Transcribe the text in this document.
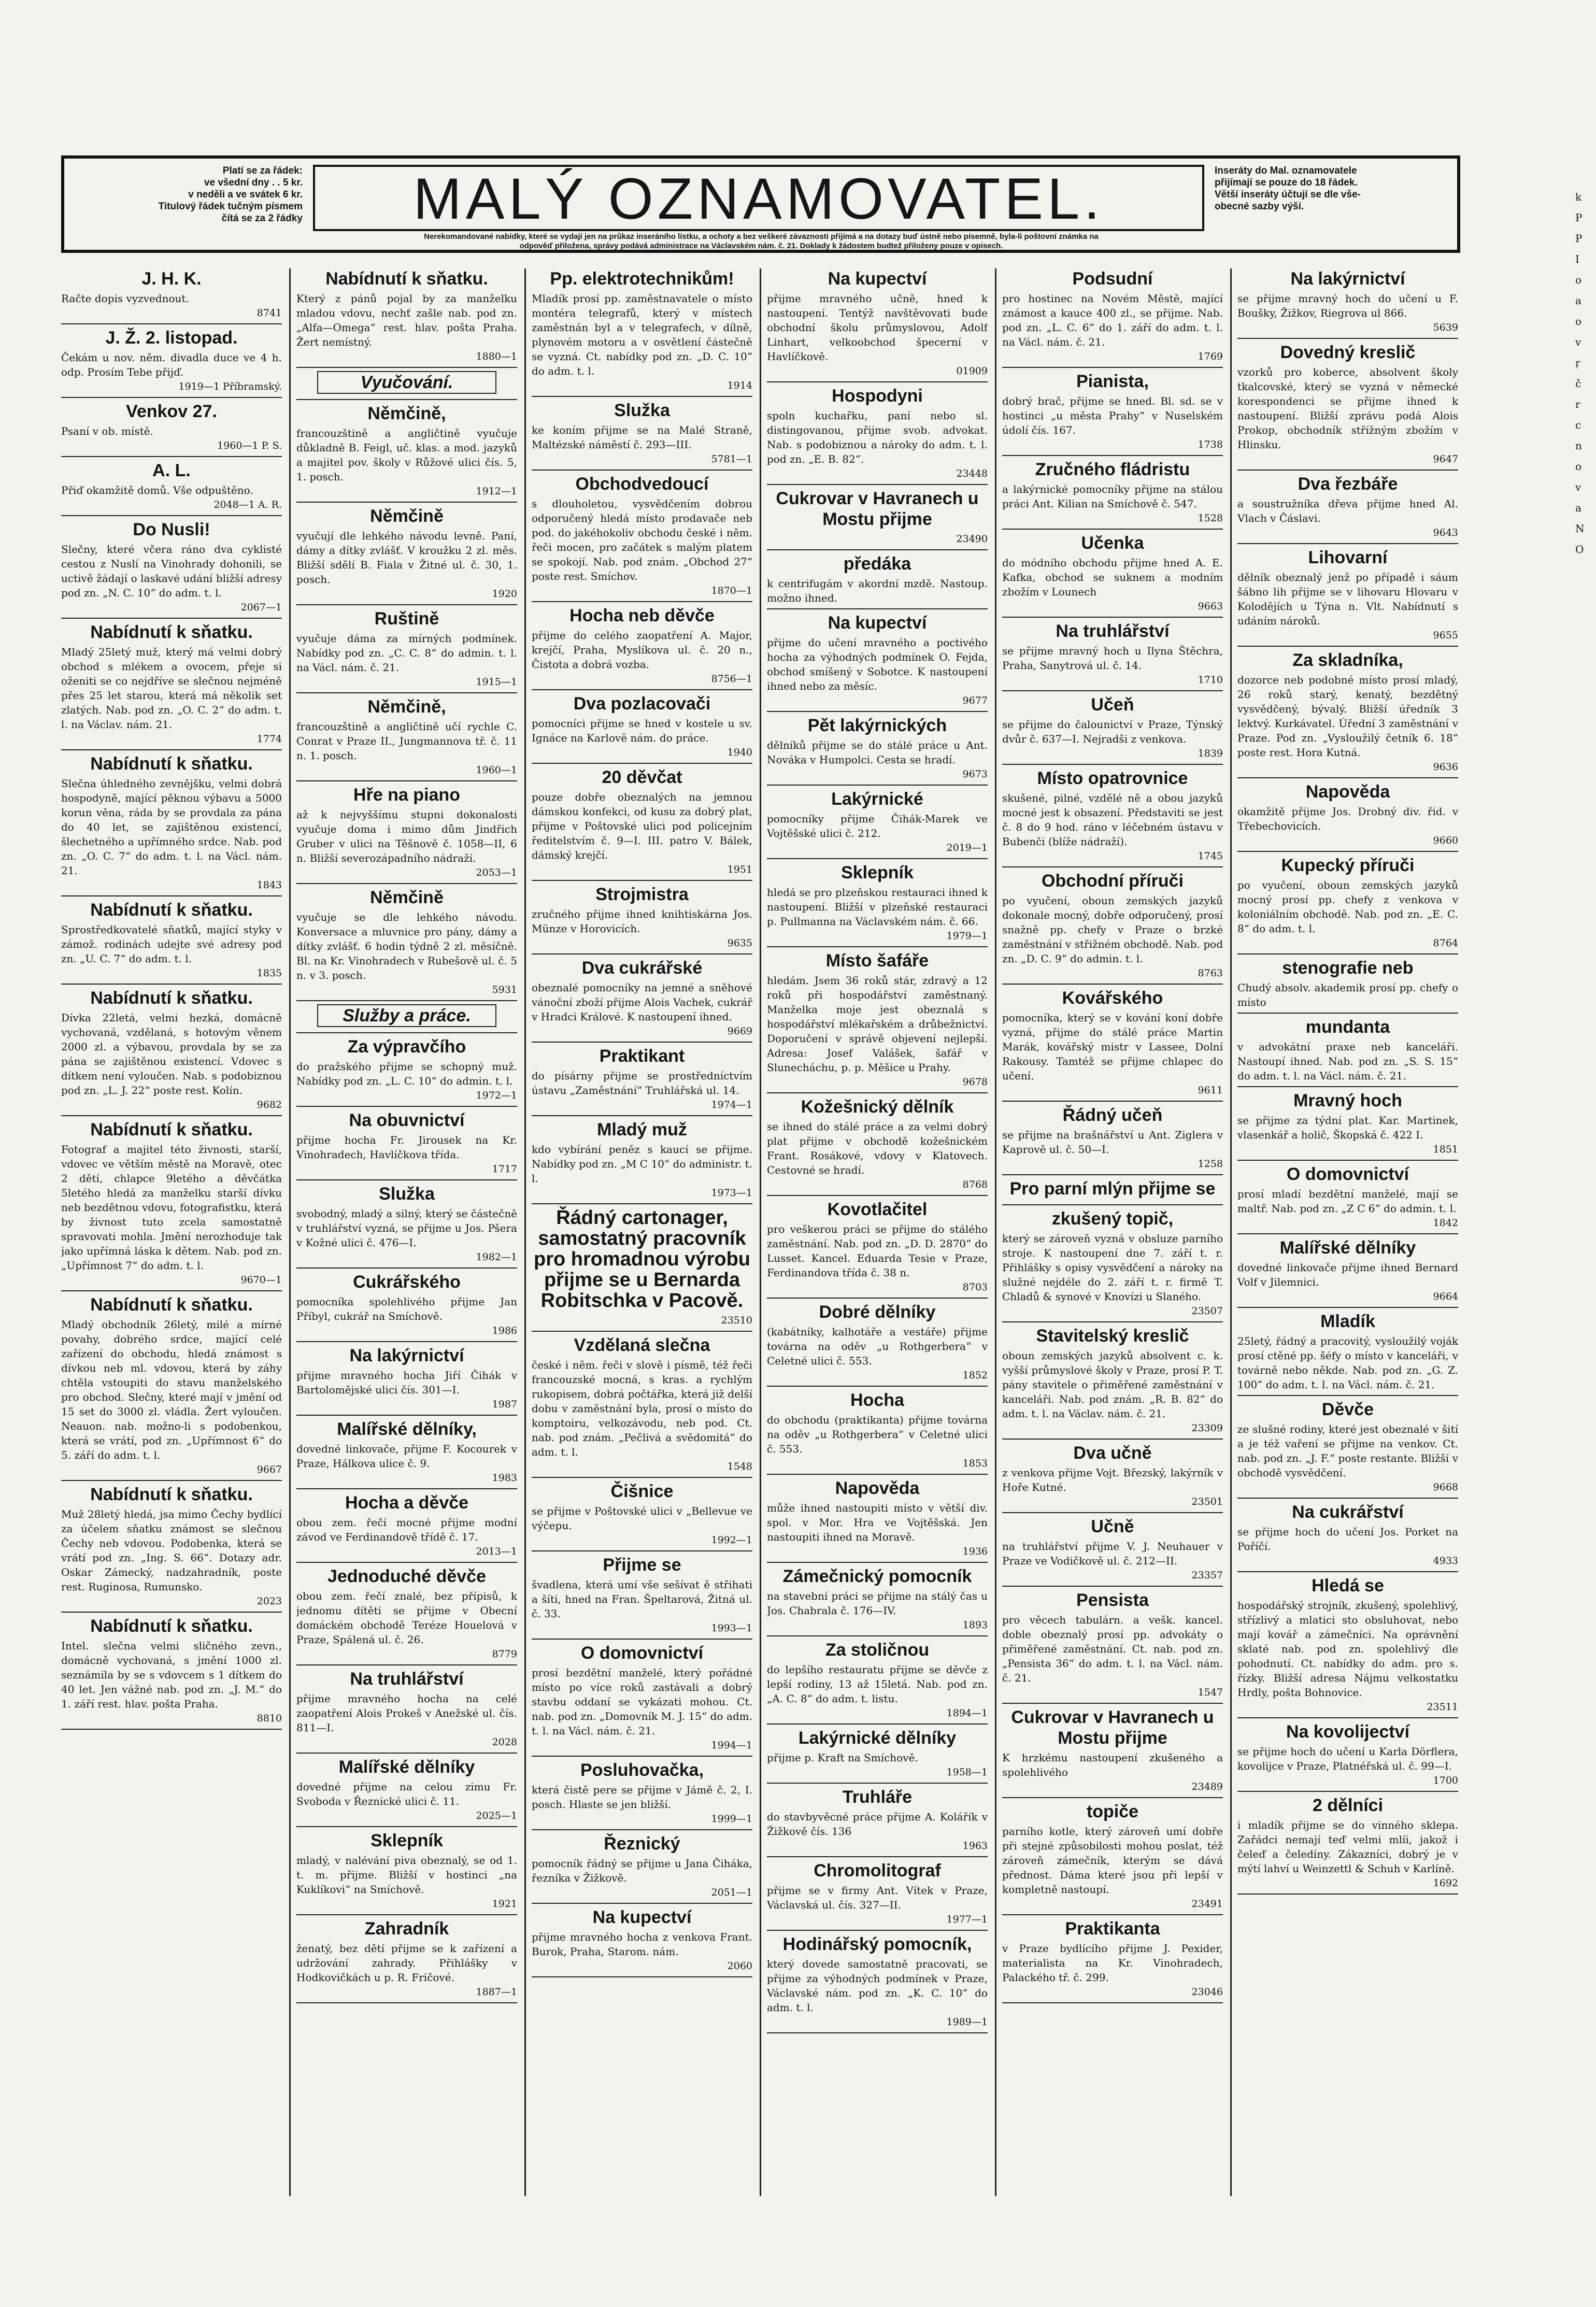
Platí se za řádek:
ve všední dny . . 5 kr.
v neděli a ve svátek 6 kr.
Titulový řádek tučným písmem
čítá se za 2 řádky	MALÝ OZNAMOVATEL.	Inseráty do Mal. oznamovatele
přijímají se pouze do 18 řádek.
Větší inseráty účtují se dle vše-
obecné sazby výší.
Nerekomandované nabídky, které se vydají jen na průkaz inseráního lístku, a ochoty a bez veškeré závaznosti přijímá a na dotazy buď ústně nebo písemně, byla-li poštovní známka na
odpověď přiložena, správy podává administrace na Václavském nám. č. 21. Doklady k žádostem budtež přiloženy pouze v opisech.
J. H. K.

Račte dopis vyzvednout.

8741

J. Ž. 2. listopad.

Čekám u nov. něm. divadla duce ve 4 h. odp. Prosím Tebe přijď.

1919—1 Příbramský.

Venkov 27.

Psaní v ob. místě.

1960—1 P. S.

A. L.

Přiď okamžitě domů. Vše odpuštěno.

2048—1 A. R.

Do Nusli!

Slečny, které včera ráno dva cyklisté cestou z Nuslí na Vinohrady dohonili, se uctivě žádají o laskavé udání bližší adresy pod zn. „N. C. 10“ do adm. t. l.

2067—1

Nabídnutí k sňatku.

Mladý 25letý muž, který má velmi dobrý obchod s mlékem a ovocem, přeje si oženiti se co nejdříve se slečnou nejméně přes 25 let starou, která má několik set zlatých. Nab. pod zn. „O. C. 2“ do adm. t. l. na Václav. nám. 21.

1774

Nabídnutí k sňatku.

Slečna úhledného zevnějšku, velmi dobrá hospodyně, mající pěknou výbavu a 5000 korun věna, ráda by se provdala za pána do 40 let, se zajištěnou existencí, šlechetného a upřímného srdce. Nab. pod zn. „O. C. 7“ do adm. t. l. na Václ. nám. 21.

1843

Nabídnutí k sňatku.

Sprostředkovatelé sňatků, mající styky v zámož. rodinách udejte své adresy pod zn. „U. C. 7“ do adm. t. l.

1835

Nabídnutí k sňatku.

Dívka 22letá, velmi hezká, domácně vychovaná, vzdělaná, s hotovým věnem 2000 zl. a výbavou, provdala by se za pána se zajištěnou existencí. Vdovec s dítkem není vyloučen. Nab. s podobiznou pod zn. „L. J. 22“ poste rest. Kolín.

9682

Nabídnutí k sňatku.

Fotograf a majitel této živnosti, starší, vdovec ve větším městě na Moravě, otec 2 dětí, chlapce 9letého a děvčátka 5letého hledá za manželku starší dívku neb bezdětnou vdovu, fotografistku, která by živnost tuto zcela samostatně spravovati mohla. Jmění nerozhoduje tak jako upřímná láska k dětem. Nab. pod zn. „Upřímnost 7“ do adm. t. l.

9670—1

Nabídnutí k sňatku.

Mladý obchodník 26letý, milé a mírné povahy, dobrého srdce, mající celé zařízení do obchodu, hledá známost s dívkou neb ml. vdovou, která by záhy chtěla vstoupiti do stavu manželského pro obchod. Slečny, které mají v jmění od 15 set do 3000 zl. vládla. Žert vyloučen. Neauon. nab. možno-li s podobenkou, která se vrátí, pod zn. „Upřímnost 6“ do 5. září do adm. t. l.

9667

Nabídnutí k sňatku.

Muž 28letý hledá, jsa mimo Čechy bydlící za účelem sňatku známost se slečnou Čechy neb vdovou. Podobenka, která se vrátí pod zn. „Ing. S. 66“. Dotazy adr. Oskar Zámecký, nadzahradník, poste rest. Ruginosa, Rumunsko.

2023

Nabídnutí k sňatku.

Intel. slečna velmi sličného zevn., domácně vychovaná, s jmění 1000 zl. seznámila by se s vdovcem s 1 dítkem do 40 let. Jen vážné nab. pod zn. „J. M.“ do 1. září rest. hlav. pošta Praha.

8810

Nabídnutí k sňatku.

Který z pánů pojal by za manželku mladou vdovu, nechť zašle nab. pod zn. „Alfa—Omega“ rest. hlav. pošta Praha. Žert nemístný.

1880—1

Vyučování.
Němčině,

francouzštině a angličtině vyučuje důkladně B. Feigl, uč. klas. a mod. jazyků a majitel pov. školy v Růžové ulici čís. 5, 1. posch.

1912—1

Němčině

vyučují dle lehkého návodu levně. Paní, dámy a dítky zvlášť. V kroužku 2 zl. měs. Bližší sdělí B. Fiala v Žitné ul. č. 30, 1. posch.

1920

Ruštině

vyučuje dáma za mírných podmínek. Nabídky pod zn. „C. C. 8“ do admin. t. l. na Václ. nám. č. 21.

1915—1

Němčině,

francouzštině a angličtině učí rychle C. Conrat v Praze II., Jungmannova tř. č. 11 n. 1. posch.

1960—1

Hře na piano

až k nejvyššímu stupni dokonalosti vyučuje doma i mimo dům Jindřich Gruber v ulici na Těšnově č. 1058—II, 6 n. Bližší severozápadního nádraží.

2053—1

Němčině

vyučuje se dle lehkého návodu. Konversace a mluvnice pro pány, dámy a dítky zvlášť. 6 hodin týdně 2 zl. měsíčně. Bl. na Kr. Vinohradech v Rubešově ul. č. 5 n. v 3. posch.

5931

Služby a práce.
Za výpravčího

do pražského přijme se schopný muž. Nabídky pod zn. „L. C. 10“ do admin. t. l.

1972—1

Na obuvnictví

přijme hocha Fr. Jirousek na Kr. Vinohradech, Havlíčkova třída.

1717

Služka

svobodný, mladý a silný, který se částečně v truhlářství vyzná, se přijme u Jos. Pšera v Kožné ulici č. 476—I.

1982—1

Cukrářského

pomocníka spolehlivého přijme Jan Příbyl, cukrář na Smíchově.

1986

Na lakýrnictví

přijme mravného hocha Jiří Čihák v Bartolomějské ulici čís. 301—I.

1987

Malířské dělníky,

dovedné linkovače, přijme F. Kocourek v Praze, Hálkova ulice č. 9.

1983

Hocha a děvče

obou zem. řečí mocné přijme modní závod ve Ferdinandově třídě č. 17.

2013—1

Jednoduché děvče

obou zem. řečí znalé, bez přípisů, k jednomu dítěti se přijme v Obecní domáckém obchodě Teréze Houelová v Praze, Spálená ul. č. 26.

8779

Na truhlářství

přijme mravného hocha na celé zaopatření Alois Prokeš v Anežské ul. čís. 811—I.

2028

Malířské dělníky

dovedné přijme na celou zimu Fr. Svoboda v Řeznické ulici č. 11.

2025—1

Sklepník

mladý, v nalévání piva obeznalý, se od 1. t. m. přijme. Bližší v hostinci „na Kuklíkovi“ na Smíchově.

1921

Zahradník

ženatý, bez dětí přijme se k zařízení a udržování zahrady. Přihlášky v Hodkovičkách u p. R. Fričové.

1887—1

Pp. elektrotechnikům!

Mladík prosí pp. zaměstnavatele o místo montéra telegrafů, který v místech zaměstnán byl a v telegrafech, v dílně, plynovém motoru a v osvětlení částečně se vyzná. Ct. nabídky pod zn. „D. C. 10“ do adm. t. l.

1914

Služka

ke koním přijme se na Malé Straně, Maltézské náměstí č. 293—III.

5781—1

Obchodvedoucí

s dlouholetou, vysvědčením dobrou odporučený hledá místo prodavače neb pod. do jakéhokoliv obchodu české i něm. řeči mocen, pro začátek s malým platem se spokojí. Nab. pod znám. „Obchod 27“ poste rest. Smíchov.

1870—1

Hocha neb děvče

přijme do celého zaopatření A. Major, krejčí, Praha, Myslíkova ul. č. 20 n., Čistota a dobrá vozba.

8756—1

Dva pozlacovači

pomocníci přijme se hned v kostele u sv. Ignáce na Karlově nám. do práce.

1940

20 děvčat

pouze dobře obeznalých na jemnou dámskou konfekci, od kusu za dobrý plat, přijme v Poštovské ulici pod policejním ředitelstvím č. 9—I. III. patro V. Bálek, dámský krejčí.

1951

Strojmistra

zručného přijme ihned knihtiskárna Jos. Münze v Horovicích.

9635

Dva cukrářské

obeznalé pomocníky na jemné a sněhové vánoční zboží přijme Alois Vachek, cukrář v Hradci Králové. K nastoupení ihned.

9669

Praktikant

do písárny přijme se prostředníctvím ústavu „Zaměstnání“ Truhlářská ul. 14.

1974—1

Mladý muž

kdo vybírání peněz s kaucí se přijme. Nabídky pod zn. „M C 10“ do administr. t. l.

1973—1

Řádný cartonager, samostatný pracovník pro hromadnou výrobu přijme se u Bernarda Robitschka v Pacově.

23510

Vzdělaná slečna

české i něm. řeči v slově i písmě, též řeči francouzské mocná, s kras. a rychlým rukopisem, dobrá počtářka, která již delší dobu v zaměstnání byla, prosí o místo do komptoiru, velkozávodu, neb pod. Ct. nab. pod znám. „Pečlivá a svědomitá“ do adm. t. l.

1548

Čišnice

se přijme v Poštovské ulici v „Bellevue ve výčepu.

1992—1

Přijme se

švadlena, která umí vše sešívat ě střihati a šíti, hned na Fran. Špeltarová, Žitná ul. č. 33.

1993—1

O domovnictví

prosí bezdětní manželé, který pořádné místo po více roků zastávali a dobrý stavbu oddaní se vykázati mohou. Ct. nab. pod zn. „Domovník M. J. 15“ do adm. t. l. na Václ. nám. č. 21.

1994—1

Posluhovačka,

která čistě pere se přijme v Jámě č. 2, I. posch. Hlaste se jen bližší.

1999—1

Řeznický

pomocník řádný se přijme u Jana Čiháka, řezníka v Žižkově.

2051—1

Na kupectví

přijme mravného hocha z venkova Frant. Burok, Praha, Starom. nám.

2060

Na kupectví

přijme mravného učně, hned k nastoupení. Tentýž navštěvovati bude obchodní školu průmyslovou, Adolf Linhart, velkoobchod špecerní v Havlíčkově.

01909

Hospodyni

spoln kuchařku, paní nebo sl. distingovanou, přijme svob. advokat. Nab. s podobiznou a nároky do adm. t. l. pod zn. „E. B. 82“.

23448

Cukrovar v Havranech u Mostu přijme

23490

předáka

k centrifugám v akordní mzdě. Nastoup. možno ihned.

Na kupectví

přijme do učení mravného a poctivého hocha za výhodných podmínek O. Fejda, obchod smíšený v Sobotce. K nastoupení ihned nebo za měsíc.

9677

Pět lakýrnických

dělníků přijme se do stálé práce u Ant. Nováka v Humpolci. Cesta se hradí.

9673

Lakýrnické

pomocníky přijme Čihák-Marek ve Vojtěšské ulici č. 212.

2019—1

Sklepník

hledá se pro plzeňskou restauraci ihned k nastoupení. Bližší v plzeňské restauraci p. Pullmanna na Václavském nám. č. 66.

1979—1

Místo šafáře

hledám. Jsem 36 roků stár, zdravý a 12 roků při hospodářství zaměstnaný. Manželka moje jest obeznalá s hospodářství mlékařském a drůbežnictví. Doporučení v správě objevení nejlepší. Adresa: Josef Valášek, šafář v Slunecháchu, p. p. Měšice u Prahy.

9678

Kožešnický dělník

se ihned do stálé práce a za velmi dobrý plat přijme v obchodě kožešnickém Frant. Rosákové, vdovy v Klatovech. Cestovné se hradí.

8768

Kovotlačitel

pro veškerou práci se přijme do stálého zaměstnání. Nab. pod zn. „D. D. 2870“ do Lusset. Kancel. Eduarda Tesie v Praze, Ferdinandova třída č. 38 n.

8703

Dobré dělníky

(kabátníky, kalhotáře a vestáře) přijme továrna na oděv „u Rothgerbera“ v Celetné ulici č. 553.

1852

Hocha

do obchodu (praktikanta) přijme továrna na oděv „u Rothgerbera“ v Celetné ulici č. 553.

1853

Napověda

může ihned nastoupiti místo v větší div. spol. v Mor. Hra ve Vojtěšská. Jen nastoupiti ihned na Moravě.

1936

Zámečnický pomocník

na stavební práci se přijme na stálý čas u Jos. Chabrala č. 176—IV.

1893

Za stoličnou

do lepšího restauratu přijme se děvče z lepší rodiny, 13 až 15letá. Nab. pod zn. „A. C. 8“ do adm. t. listu.

1894—1

Lakýrnické dělníky

přijme p. Kraft na Smíchově.

1958—1

Truhláře

do stavbyvěcné práce přijme A. Kolářík v Žižkově čís. 136

1963

Chromolitograf

přijme se v firmy Ant. Vítek v Praze, Václavská ul. čís. 327—II.

1977—1

Hodinářský pomocník,

který dovede samostatně pracovati, se přijme za výhodných podmínek v Praze, Václavské nám. pod zn. „K. C. 10“ do adm. t. l.

1989—1

Podsudní

pro hostinec na Novém Městě, mající známost a kauce 400 zl., se přijme. Nab. pod zn. „L. C. 6“ do 1. září do adm. t. l. na Václ. nám. č. 21.

1769

Pianista,

dobrý brač, přijme se hned. Bl. sd. se v hostinci „u města Prahy“ v Nuselském údolí čís. 167.

1738

Zručného fládristu

a lakýrnické pomocníky přijme na stálou práci Ant. Kilian na Smíchově č. 547.

1528

Učenka

do módního obchodu přijme hned A. E. Kafka, obchod se suknem a modním zbožím v Lounech

9663

Na truhlářství

se přijme mravný hoch u Ilyna Štěchra, Praha, Sanytrová ul. č. 14.

1710

Učeň

se přijme do čalounictví v Praze, Týnský dvůr č. 637—I. Nejradši z venkova.

1839

Místo opatrovnice

skušené, pilné, vzdělé ně a obou jazyků mocné jest k obsazení. Představiti se jest č. 8 do 9 hod. ráno v léčebném ústavu v Bubenči (blíže nádraží).

1745

Obchodní příruči

po vyučení, oboun zemských jazyků dokonale mocný, dobře odporučený, prosí snažně pp. chefy v Praze o brzké zaměstnání v střižném obchodě. Nab. pod zn. „D. C. 9“ do admin. t. l.

8763

Kovářského

pomocníka, který se v kování koní dobře vyzná, přijme do stálé práce Martin Marák, kovářský mistr v Lassee, Dolní Rakousy. Tamtéž se přijme chlapec do učení.

9611

Řádný učeň

se přijme na brašnářství u Ant. Ziglera v Kaprově ul. č. 50—I.

1258

Pro parní mlýn přijme se
zkušený topič,

který se zároveň vyzná v obsluze parního stroje. K nastoupení dne 7. září t. r. Přihlášky s opisy vysvědčení a nároky na služné nejdéle do 2. září t. r. firmě T. Chladů & synové v Knovízi u Slaného.

23507

Stavitelský kreslič

oboun zemských jazyků absolvent c. k. vyšší průmyslové školy v Praze, prosí P. T. pány stavitele o přiměřené zaměstnání v kanceláři. Nab. pod znám. „R. B. 82“ do adm. t. l. na Václav. nám. č. 21.

23309

Dva učně

z venkova přijme Vojt. Březský, lakýrník v Hoře Kutné.

23501

Učně

na truhlářství přijme V. J. Neuhauer v Praze ve Vodičkově ul. č. 212—II.

23357

Pensista

pro věcech tabulárn. a vešk. kancel. doble obeznalý prosí pp. advokáty o přiměřené zaměstnání. Ct. nab. pod zn. „Pensista 36“ do adm. t. l. na Václ. nám. č. 21.

1547

Cukrovar v Havranech u Mostu přijme

K hrzkému nastoupení zkušeného a spolehlivého

23489

topiče

parního kotle, který zároveň umí dobře při stejné způsobilosti mohou poslat, též zároveň zámečník, kterým se dává přednost. Dáma které jsou při lepší v kompletně nastoupí.

23491

Praktikanta

v Praze bydlícího přijme J. Pexider, materialista na Kr. Vinohradech, Palackého tř. č. 299.

23046

Na lakýrnictví

se přijme mravný hoch do učení u F. Boušky, Žižkov, Riegrova ul 866.

5639

Dovedný kreslič

vzorků pro koberce, absolvent školy tkalcovské, který se vyzná v německé korespondenci se přijme ihned k nastoupení. Bližší zprávu podá Alois Prokop, obchodník střížným zbožím v Hlinsku.

9647

Dva řezbáře

a soustružníka dřeva přijme hned Al. Vlach v Čáslavi.

9643

Lihovarní

dělník obeznalý jenž po případě i sáum šábno lih přijme se v lihovaru Hlovaru v Kolodějích u Týna n. Vlt. Nabídnutí s udáním nároků.

9655

Za skladníka,

dozorce neb podobné místo prosí mladý, 26 roků starý, kenatý, bezdětný vysvědčený, bývalý. Bližší úředník 3 lektvý. Kurkávatel. Úřední 3 zaměstnání v Praze. Pod zn. „Vysloužilý četník 6. 18“ poste rest. Hora Kutná.

9636

Napověda

okamžitě přijme Jos. Drobný div. řid. v Třebechovicích.

9660

Kupecký příruči

po vyučení, oboun zemských jazyků mocný prosí pp. chefy z venkova v koloniálním obchodě. Nab. pod zn. „E. C. 8“ do adm. t. l.

8764

stenografie neb

Chudý absolv. akademik prosí pp. chefy o místo

mundanta

v advokátní praxe neb kanceláři. Nastoupí ihned. Nab. pod zn. „S. S. 15“ do adm. t. l. na Václ. nám. č. 21.

Mravný hoch

se přijme za týdní plat. Kar. Martinek, vlasenkář a holič, Škopská č. 422 I.

1851

O domovnictví

prosí mladí bezdětní manželé, mají se maltř. Nab. pod zn. „Z C 6“ do admin. t. l.

1842

Malířské dělníky

dovedné linkovače přijme ihned Bernard Volf v Jilemnici.

9664

Mladík

25letý, řádný a pracovitý, vysloužilý voják prosí ctěné pp. šéfy o místo v kanceláři, v továrně nebo někde. Nab. pod zn. „G. Z. 100“ do adm. t. l. na Václ. nám. č. 21.

Děvče

ze slušné rodiny, které jest obeznalé v šití a je též vaření se přijme na venkov. Ct. nab. pod zn. „J. F.“ poste restante. Bližší v obchodě vysvědčení.

9668

Na cukrářství

se přijme hoch do učení Jos. Porket na Poříčí.

4933

Hledá se

hospodářský strojník, zkušený, spolehlivý, střízlivý a mlatici sto obsluhovat, nebo mají kovář a zámečníci. Na oprávnění sklaté nab. pod zn. spolehlivý dle pohodnutí. Ct. nabídky do adm. pro s. řízky. Bližší adresa Nájmu velkostatku Hrdly, pošta Bohnovice.

23511

Na kovolijectví

se přijme hoch do učení u Karla Dörflera, kovolijce v Praze, Platnéřská ul. č. 99—I.

1700

2 dělníci

i mladík přijme se do vinného sklepa. Zařádci nemají teď velmi mlíi, jakož i čeleď a čeledíny. Zákazníci, dobrý je v mýtí lahví u Weinzettl & Schuh v Karlíně.

1692

k
P
P
I
o
a
o
v
ŗ
č
r
c
n
o
v
a
N
O
